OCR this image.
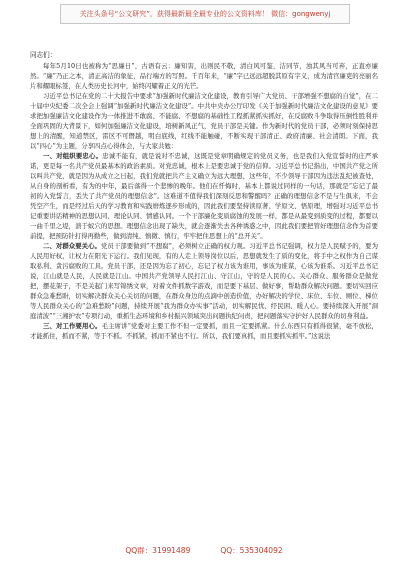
关注头条号“公文研究”，获得最新最全最专业的公文资料库！ 微信：gongwenyj

同志们：

每年5月10日也被称为“思廉日”，古语有云：廉知害，出则民不敬，清白风可鉴，洁同节，浊其风当可弃，正直亦廉然。“廉”乃正之本，清正高洁的象征，品行端方的写照。千百年来，“廉”字已远远超脱其原有字义，成为清官廉吏的亮丽名片和耀眼标签，在人类历史长河中，始终闪耀着正义的光芒。

习近平总书记在党的二十大报告中要求“加强新时代廉洁文化建设，教育引导广大党员、干部增强不想腐的自觉”，在二十届中央纪委二次全会上强调“加强新时代廉洁文化建设”。中共中央办公厅印发《关于加强新时代廉洁文化建设的意见》要求把加强廉洁文化建设作为一体推进不敢腐、不能腐、不想腐的基础性工程抓紧抓实抓好，在反腐败斗争取得压倒性胜利并全面巩固的大背景下，如何加强廉洁文化建设，培树新风正气，党员干部是关键。作为新时代的党员干部，必须时刻保持思想上的清醒，知道禁区，雷区不可僭越，明白底线，红线不能触碰，不断实现干部清正、政府清廉、社会清朗。下面，我以“四心”为主题，分享四点心得体会，与大家共勉：

一、对组织要忠心。忠诚不能有，就是说对不忠诚，这既是党章明确规定的党员义务，也是我们入党宣誓时的庄严承诺，更是每一名共产党员最基本的政治素质。对党忠诚，根本上是要忠诚于党的信仰。习近平总书记指出，中国共产党之所以叫共产党，就是因为从成立之日起，我们党就把共产主义确立为远大理想，这些年，不少领导干部因为违法乱纪被查处，从自身的剖析看，有为的中年，最后落得一个悲惨的晚年。他们在忏悔时，基本上都说过同样的一句话，那就是“忘记了最初的入党誓言，丢失了共产党员的理想信念”。这难道不值得我们深刻反思和警醒吗？正确的理想信念不是与生俱来，不会凭空产生，而是经过后天的学习教育和实践磨炼逐步形成的，因此我们要坚持读原著、学原文、悟原理，增强对习近平总书记重要讲话精神的思想认同、理论认同、情感认同。一个干部廉化变质腐蚀的发展一样，都是从最变到质变的过程，都要以一曲千里之堤，溃于蚁穴的思想。理想信念出现了缺失，就会逐渐失去各种诱惑之中，因此我们要把管好理想信念作为首要前提，把预防针打得再勤些，做到清纯、慎微、慎行，牢牢把住思想上的“总开关”。

二、对群众要关心。党员干部要做到“不想腐”，必须树立正确的权力观。习近平总书记强调，权力是人民赋予的，要为人民用好权，让权力在阳光下运行。我们见现，有的人走上领导岗位以后，思想就发生了质的变化，将手中之权作为自己谋取私利、贪污腐败的工具。党员干部，还是因为忘了初心，忘记了权力该为谁用，事该为谁谋，心该为谁系。习近平总书记说，江山就是人民，人民就是江山。中国共产党领导人民打江山、守江山，守的是人民的心。关心群众、服务群众是做党把，摆花架子，不是关起门来写锦绣文章，对着文件抓数字游戏，而是要下基层、做好事，帮助群众解决问题。要切实回应群众急难愁盼，切实解决群众关心关切的问题，在群众身边的点滴中创造价值，办好解决的学位、床位、车位、厕位、梯位等人民群众关心的“急难愁盼”问题，持续开展“我为群众办实事”活动，切实解民忧、纾民困、暖人心。要持续深入开展“洞庭清波”“三湘护农”专项行动，重抓生态环境和乡村振兴领域突出问题执纪问责，把问题落实守护好人民群众的切身利益。

三、对工作要用心。毛主席讲“党委对主要工作不但一定要抓，而且一定要抓紧。什么东西只有抓得很紧，毫不放松，才能抓住，抓而不紧，等于不抓。不抓紧，抓而不紧也不行。所以，我们要真抓，而且要抓实抓牢。”这说法

QQ群：31991489	QQ：535304092
